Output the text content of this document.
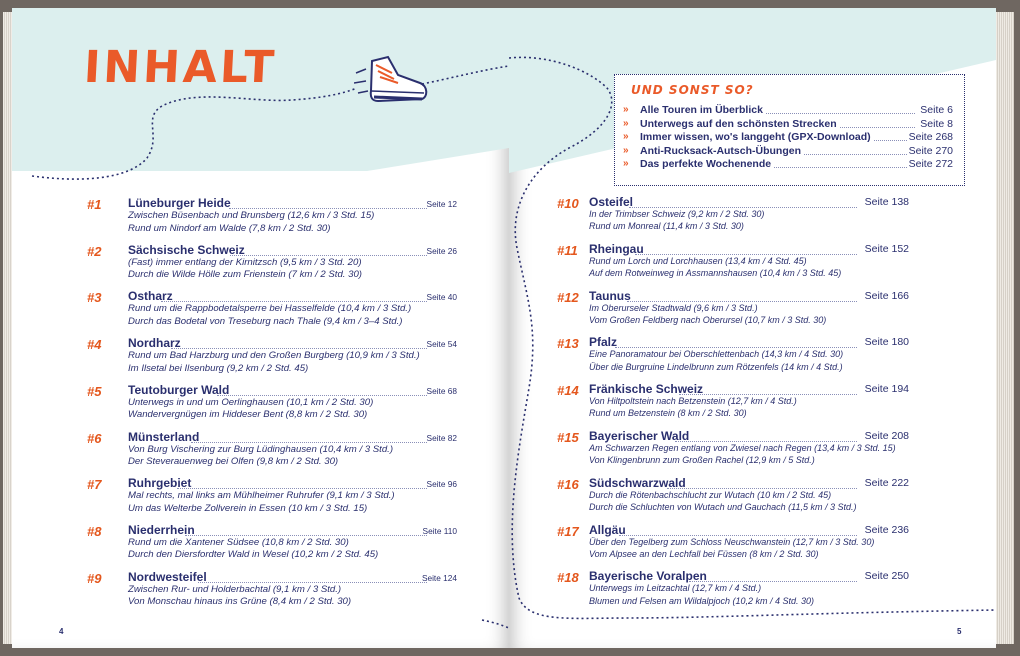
INHALT
#1 Lüneburger Heide	Seite 12
Zwischen Büsenbach und Brunsberg (12,6 km / 3 Std. 15)
Rund um Nindorf am Walde (7,8 km / 2 Std. 30)
#2 Sächsische Schweiz	Seite 26
(Fast) immer entlang der Kirnitzsch (9,5 km / 3 Std. 20)
Durch die Wilde Hölle zum Frienstein (7 km / 2 Std. 30)
#3 Ostharz	Seite 40
Rund um die Rappbodetalsperre bei Hasselfelde (10,4 km / 3 Std.)
Durch das Bodetal von Treseburg nach Thale (9,4 km / 3–4 Std.)
#4 Nordharz	Seite 54
Rund um Bad Harzburg und den Großen Burgberg (10,9 km / 3 Std.)
Im Ilsetal bei Ilsenburg (9,2 km / 2 Std. 45)
#5 Teutoburger Wald	Seite 68
Unterwegs in und um Oerlinghausen (10,1 km / 2 Std. 30)
Wandervergnügen im Hiddeser Bent (8,8 km / 2 Std. 30)
#6 Münsterland	Seite 82
Von Burg Vischering zur Burg Lüdinghausen (10,4 km / 3 Std.)
Der Steverauenweg bei Olfen (9,8 km / 2 Std. 30)
#7 Ruhrgebiet	Seite 96
Mal rechts, mal links am Mühlheimer Ruhrufer (9,1 km / 3 Std.)
Um das Welterbe Zollverein in Essen (10 km / 3 Std. 15)
#8 Niederrhein	Seite 110
Rund um die Xantener Südsee (10,8 km / 2 Std. 30)
Durch den Diersfordter Wald in Wesel (10,2 km / 2 Std. 45)
#9 Nordwesteifel	Seite 124
Zwischen Rur- und Holderbachtal (9,1 km / 3 Std.)
Von Monschau hinaus ins Grüne (8,4 km / 2 Std. 30)
4
UND SONST SO?
» Alle Touren im Überblick	Seite 6
» Unterwegs auf den schönsten Strecken	Seite 8
» Immer wissen, wo's langgeht (GPX-Download)	Seite 268
» Anti-Rucksack-Autsch-Übungen	Seite 270
» Das perfekte Wochenende	Seite 272
#10 Osteifel	Seite 138
In der Trimbser Schweiz (9,2 km / 2 Std. 30)
Rund um Monreal (11,4 km / 3 Std. 30)
#11 Rheingau	Seite 152
Rund um Lorch und Lorchhausen (13,4 km / 4 Std. 45)
Auf dem Rotweinweg in Assmannshausen (10,4 km / 3 Std. 45)
#12 Taunus	Seite 166
Im Oberurseler Stadtwald (9,6 km / 3 Std.)
Vom Großen Feldberg nach Oberursel (10,7 km / 3 Std. 30)
#13 Pfalz	Seite 180
Eine Panoramatour bei Oberschlettenbach (14,3 km / 4 Std. 30)
Über die Burgruine Lindelbrunn zum Rötzenfels (14 km / 4 Std.)
#14 Fränkische Schweiz	Seite 194
Von Hiltpoltstein nach Betzenstein (12,7 km / 4 Std.)
Rund um Betzenstein (8 km / 2 Std. 30)
#15 Bayerischer Wald	Seite 208
Am Schwarzen Regen entlang von Zwiesel nach Regen (13,4 km / 3 Std. 15)
Von Klingenbrunn zum Großen Rachel (12,9 km / 5 Std.)
#16 Südschwarzwald	Seite 222
Durch die Rötenbachschlucht zur Wutach (10 km / 2 Std. 45)
Durch die Schluchten von Wutach und Gauchach (11,5 km / 3 Std.)
#17 Allgäu	Seite 236
Über den Tegelberg zum Schloss Neuschwanstein (12,7 km / 3 Std. 30)
Vom Alpsee an den Lechfall bei Füssen (8 km / 2 Std. 30)
#18 Bayerische Voralpen	Seite 250
Unterwegs im Leitzachtal (12,7 km / 4 Std.)
Blumen und Felsen am Wildalpjoch (10,2 km / 4 Std. 30)
5
